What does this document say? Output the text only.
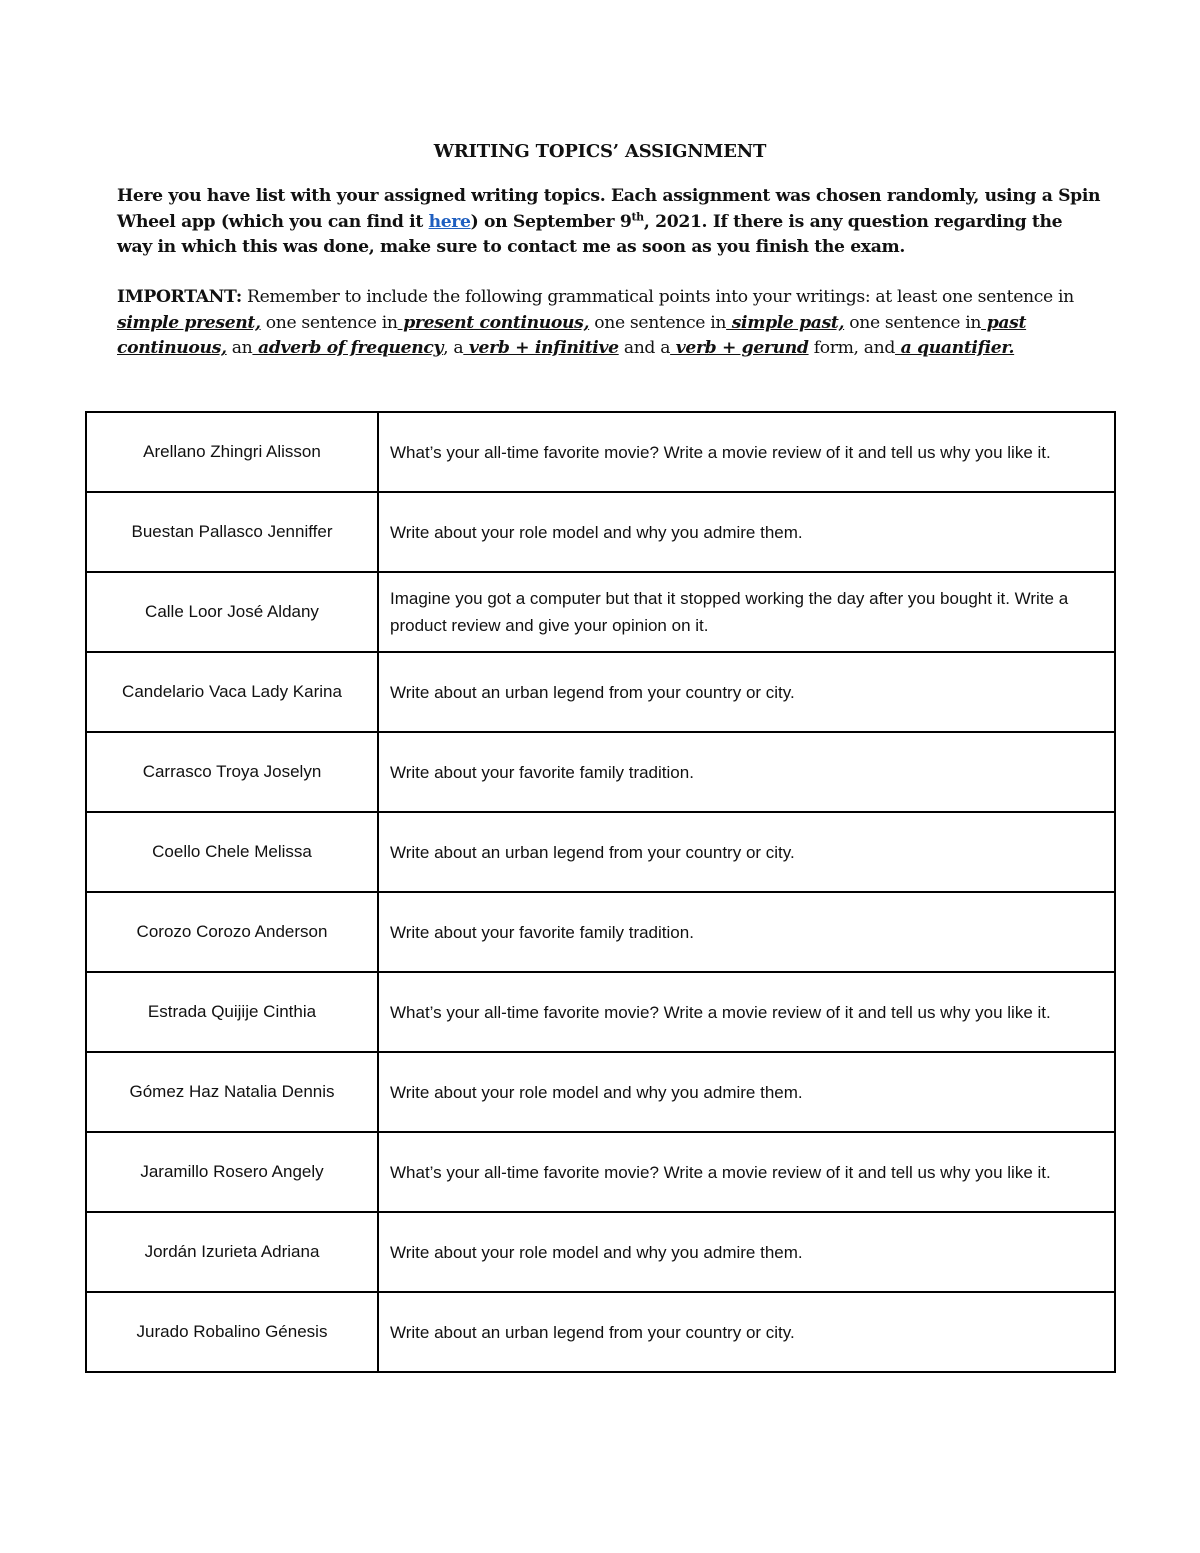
WRITING TOPICS’ ASSIGNMENT

Here you have list with your assigned writing topics. Each assignment was chosen randomly, using a Spin Wheel app (which you can find it here) on September 9th, 2021. If there is any question regarding the way in which this was done, make sure to contact me as soon as you finish the exam.

IMPORTANT: Remember to include the following grammatical points into your writings: at least one sentence in simple present, one sentence in present continuous, one sentence in simple past, one sentence in past continuous, an adverb of frequency, a verb + infinitive and a verb + gerund form, and a quantifier.

Arellano Zhingri Alisson	What’s your all-time favorite movie? Write a movie review of it and tell us why you like it.
Buestan Pallasco Jenniffer	Write about your role model and why you admire them.
Calle Loor José Aldany	Imagine you got a computer but that it stopped working the day after you bought it. Write a product review and give your opinion on it.
Candelario Vaca Lady Karina	Write about an urban legend from your country or city.
Carrasco Troya Joselyn	Write about your favorite family tradition.
Coello Chele Melissa	Write about an urban legend from your country or city.
Corozo Corozo Anderson	Write about your favorite family tradition.
Estrada Quijije Cinthia	What’s your all-time favorite movie? Write a movie review of it and tell us why you like it.
Gómez Haz Natalia Dennis	Write about your role model and why you admire them.
Jaramillo Rosero Angely	What’s your all-time favorite movie? Write a movie review of it and tell us why you like it.
Jordán Izurieta Adriana	Write about your role model and why you admire them.
Jurado Robalino Génesis	Write about an urban legend from your country or city.
